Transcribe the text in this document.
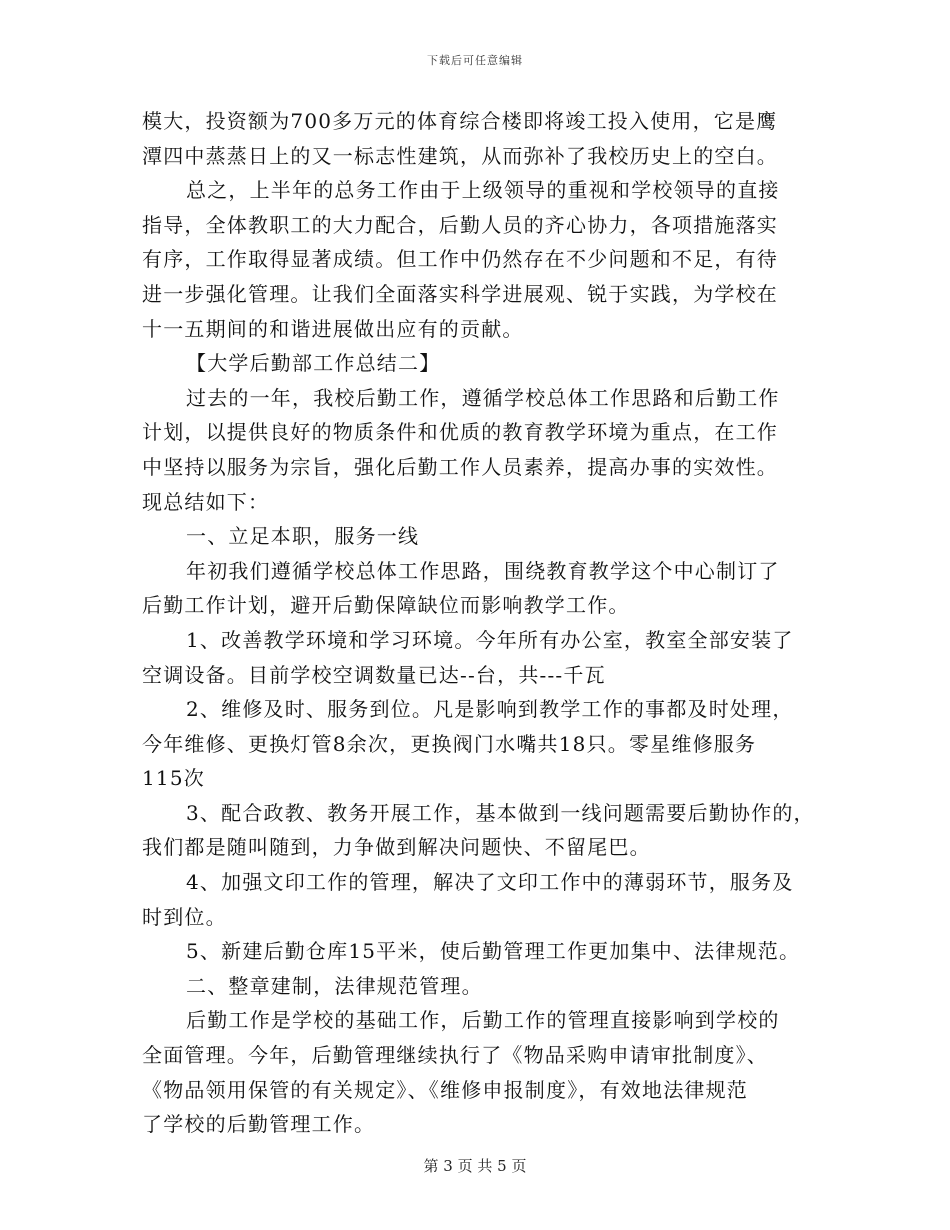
下载后可任意编辑
模大，投资额为700多万元的体育综合楼即将竣工投入使用，它是鹰
潭四中蒸蒸日上的又一标志性建筑，从而弥补了我校历史上的空白。
总之，上半年的总务工作由于上级领导的重视和学校领导的直接
指导，全体教职工的大力配合，后勤人员的齐心协力，各项措施落实
有序，工作取得显著成绩。但工作中仍然存在不少问题和不足，有待
进一步强化管理。让我们全面落实科学进展观、锐于实践，为学校在
十一五期间的和谐进展做出应有的贡献。
【大学后勤部工作总结二】
过去的一年，我校后勤工作，遵循学校总体工作思路和后勤工作
计划，以提供良好的物质条件和优质的教育教学环境为重点，在工作
中坚持以服务为宗旨，强化后勤工作人员素养，提高办事的实效性。
现总结如下：
一、立足本职，服务一线
年初我们遵循学校总体工作思路，围绕教育教学这个中心制订了
后勤工作计划，避开后勤保障缺位而影响教学工作。
1、改善教学环境和学习环境。今年所有办公室，教室全部安装了
空调设备。目前学校空调数量已达--台，共---千瓦
2、维修及时、服务到位。凡是影响到教学工作的事都及时处理，
今年维修、更换灯管8余次，更换阀门水嘴共18只。零星维修服务
115次
3、配合政教、教务开展工作，基本做到一线问题需要后勤协作的，
我们都是随叫随到，力争做到解决问题快、不留尾巴。
4、加强文印工作的管理，解决了文印工作中的薄弱环节，服务及
时到位。
5、新建后勤仓库15平米，使后勤管理工作更加集中、法律规范。
二、整章建制，法律规范管理。
后勤工作是学校的基础工作，后勤工作的管理直接影响到学校的
全面管理。今年，后勤管理继续执行了《物品采购申请审批制度》、
《物品领用保管的有关规定》、《维修申报制度》，有效地法律规范
了学校的后勤管理工作。
第 3 页 共 5 页
